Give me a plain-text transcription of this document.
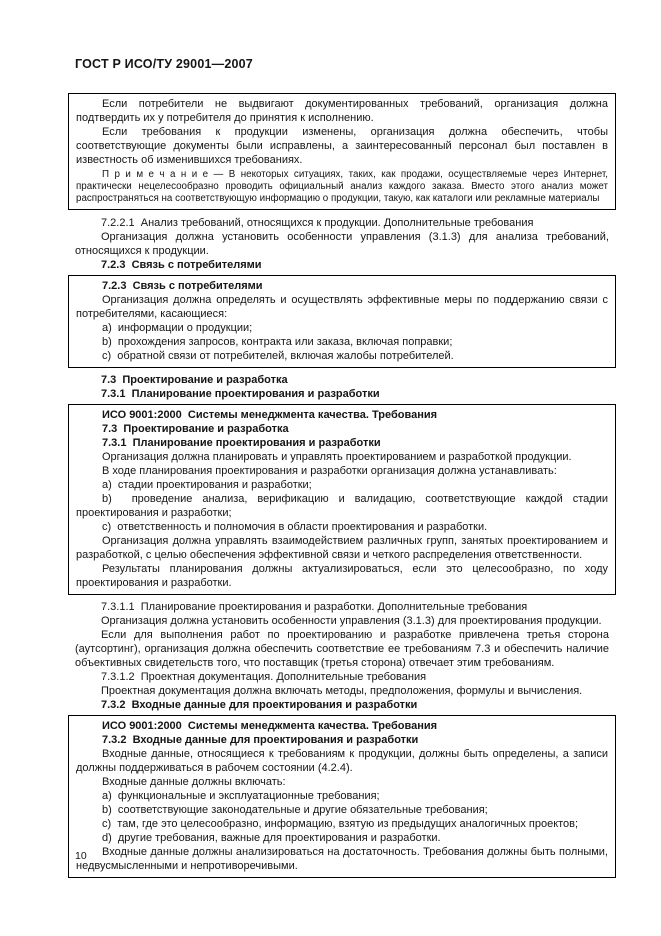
ГОСТ Р ИСО/ТУ 29001—2007

Если потребители не выдвигают документированных требований, организация должна подтвердить их у потребителя до принятия к исполнению.

Если требования к продукции изменены, организация должна обеспечить, чтобы соответствующие документы были исправлены, а заинтересованный персонал был поставлен в известность об изменившихся требованиях.

П р и м е ч а н и е — В некоторых ситуациях, таких, как продажи, осуществляемые через Интернет, практически нецелесообразно проводить официальный анализ каждого заказа. Вместо этого анализ может распространяться на соответствующую информацию о продукции, такую, как каталоги или рекламные материалы

7.2.2.1  Анализ требований, относящихся к продукции. Дополнительные требования

Организация должна установить особенности управления (3.1.3) для анализа требований, относящихся к продукции.

7.2.3  Связь с потребителями

7.2.3  Связь с потребителями

Организация должна определять и осуществлять эффективные меры по поддержанию связи с потребителями, касающиеся:

a)  информации о продукции;

b)  прохождения запросов, контракта или заказа, включая поправки;

c)  обратной связи от потребителей, включая жалобы потребителей.

7.3  Проектирование и разработка

7.3.1  Планирование проектирования и разработки

ИСО 9001:2000  Системы менеджмента качества. Требования

7.3  Проектирование и разработка

7.3.1  Планирование проектирования и разработки

Организация должна планировать и управлять проектированием и разработкой продукции.

В ходе планирования проектирования и разработки организация должна устанавливать:

a)  стадии проектирования и разработки;

b)  проведение анализа, верификацию и валидацию, соответствующие каждой стадии проектирования и разработки;

c)  ответственность и полномочия в области проектирования и разработки.

Организация должна управлять взаимодействием различных групп, занятых проектированием и разработкой, с целью обеспечения эффективной связи и четкого распределения ответственности.

Результаты планирования должны актуализироваться, если это целесообразно, по ходу проектирования и разработки.

7.3.1.1  Планирование проектирования и разработки. Дополнительные требования

Организация должна установить особенности управления (3.1.3) для проектирования продукции.

Если для выполнения работ по проектированию и разработке привлечена третья сторона (аутсортинг), организация должна обеспечить соответствие ее требованиям 7.3 и обеспечить наличие объективных свидетельств того, что поставщик (третья сторона) отвечает этим требованиям.

7.3.1.2  Проектная документация. Дополнительные требования

Проектная документация должна включать методы, предположения, формулы и вычисления.

7.3.2  Входные данные для проектирования и разработки

ИСО 9001:2000  Системы менеджмента качества. Требования

7.3.2  Входные данные для проектирования и разработки

Входные данные, относящиеся к требованиям к продукции, должны быть определены, а записи должны поддерживаться в рабочем состоянии (4.2.4).

Входные данные должны включать:

a)  функциональные и эксплуатационные требования;

b)  соответствующие законодательные и другие обязательные требования;

c)  там, где это целесообразно, информацию, взятую из предыдущих аналогичных проектов;

d)  другие требования, важные для проектирования и разработки.

Входные данные должны анализироваться на достаточность. Требования должны быть полными, недвусмысленными и непротиворечивыми.

10
